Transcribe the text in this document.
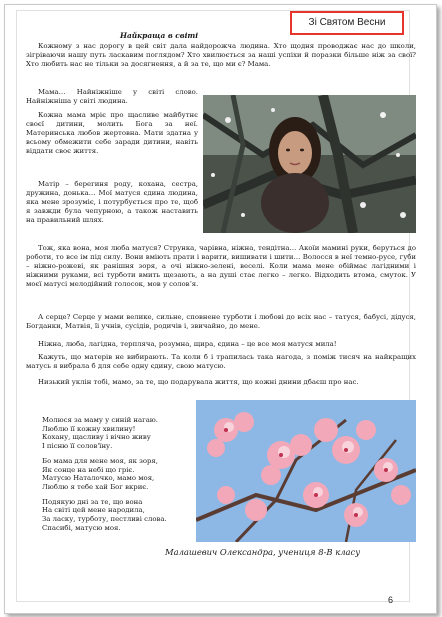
Зі Святом Весни
Найкраща в світі

Кожному з нас дорогу в цей світ дала найдорожча людина. Хто щодня проводжає нас до школи, зігріваючи нашу путь ласкавим поглядом? Хто хвилюється за наші успіхи й поразки більше ніж за свої? Хто любить нас не тільки за досягнення, а й за те, що ми є? Мама.

Мама… Найніжніше у світі слово. Найніжніша у світі людина.

Кожна мама мріє про щасливе майбутнє своєї дитини, молить Бога за неї. Материнська любов жертовна. Мати здатна у всьому обмежити себе заради дитини, навіть віддати своє життя.

Матір – берегиня роду, кохана, сестра, дружина, донька… Мої матуся єдина людина, яка мене зрозуміє, і потурбується про те, щоб я завжди була чепурною, а також наставить на правильний шлях.

Тож, яка вона, моя люба матуся? Струнка, чарівна, ніжна, тендітна… Акоїи мамині руки, беруться до роботи, то все ім під силу. Вони вміють прати і варити, вишивати і шити… Волосся в неї темно-русе, губи – ніжно-рожеві, як ранішня зоря, а очі ніжно-зелені, веселі. Коли мама мене обіймає лагідними і ніжними руками, всі турботи вмить щезають, а на душі стає легко – легко. Відходить втома, смуток. У моєї матусі мелодійний голосок, мов у соловʼя.

А серце? Серце у мами велике, сильне, сповнене турботи і любові до всіх нас – татуся, бабусі, дідуся, Богданки, Матвія, їі учнів, сусідів, родичів і, звичайно, до мене.

Ніжна, люба, лагідна, терпляча, розумна, щира, єдина – це все моя матуся мила!

Кажуть, що матерів не вибирають. Та коли б і трапилась така нагода, з поміж тисяч на найкращих матусь я вибрала б для себе одну єдину, свою матусю.

Низький уклін тобі, мамо, за те, що подарувала життя, що кожні днини дбаєш про нас.

Молюся за маму у синій нагаю.
Люблю її кожну хвилину!
Кохану, щасливу і вічно живу
І пісню її солов'їну.

Бо мама для мене моя, як зоря,
Як сонце на небі що гріє.
Матусю Наталочко, мамо моя,
Люблю я тебе хай Бог вкриє.

Подякую дні за те, що вона
На світі цей мене народила,
За ласку, турботу, пестливі слова.
Спасибі, матусю моя.

Малашевич Олександра, учениця 8-В класу
6
